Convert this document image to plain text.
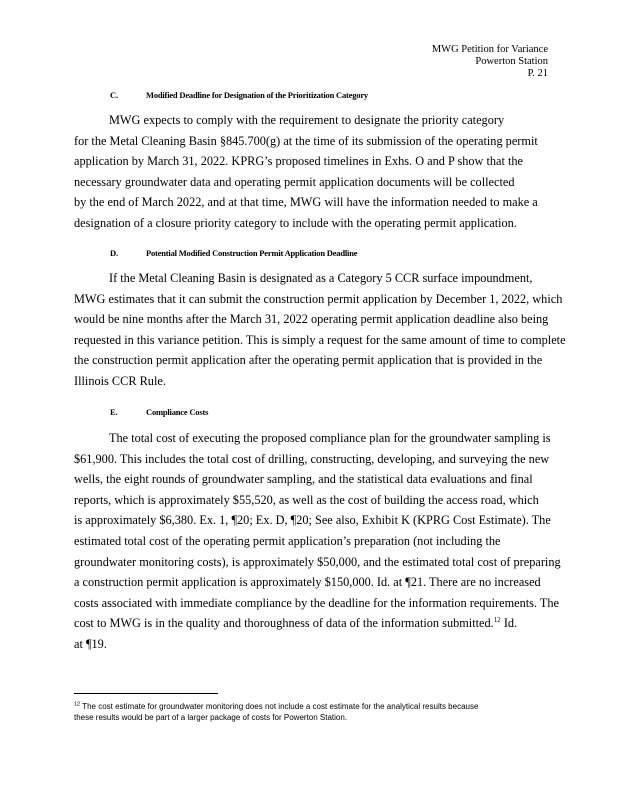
MWG Petition for Variance
Powerton Station
P. 21
C.	Modified Deadline for Designation of the Prioritization Category
MWG expects to comply with the requirement to designate the priority category
for the Metal Cleaning Basin §845.700(g) at the time of its submission of the operating permit
application by March 31, 2022. KPRG’s proposed timelines in Exhs. O and P show that the
necessary groundwater data and operating permit application documents will be collected
by the end of March 2022, and at that time, MWG will have the information needed to make a
designation of a closure priority category to include with the operating permit application.
D.	Potential Modified Construction Permit Application Deadline
If the Metal Cleaning Basin is designated as a Category 5 CCR surface impoundment,
MWG estimates that it can submit the construction permit application by December 1, 2022, which
would be nine months after the March 31, 2022 operating permit application deadline also being
requested in this variance petition. This is simply a request for the same amount of time to complete
the construction permit application after the operating permit application that is provided in the
Illinois CCR Rule.
E.	Compliance Costs
The total cost of executing the proposed compliance plan for the groundwater sampling is
$61,900. This includes the total cost of drilling, constructing, developing, and surveying the new
wells, the eight rounds of groundwater sampling, and the statistical data evaluations and final
reports, which is approximately $55,520, as well as the cost of building the access road, which
is approximately $6,380. Ex. 1, ¶20; Ex. D, ¶20; See also, Exhibit K (KPRG Cost Estimate). The
estimated total cost of the operating permit application’s preparation (not including the
groundwater monitoring costs), is approximately $50,000, and the estimated total cost of preparing
a construction permit application is approximately $150,000. Id. at ¶21. There are no increased
costs associated with immediate compliance by the deadline for the information requirements. The
cost to MWG is in the quality and thoroughness of data of the information submitted.$^{12}$ Id.
at ¶19.
$^{12}$ The cost estimate for groundwater monitoring does not include a cost estimate for the analytical results because
these results would be part of a larger package of costs for Powerton Station.
